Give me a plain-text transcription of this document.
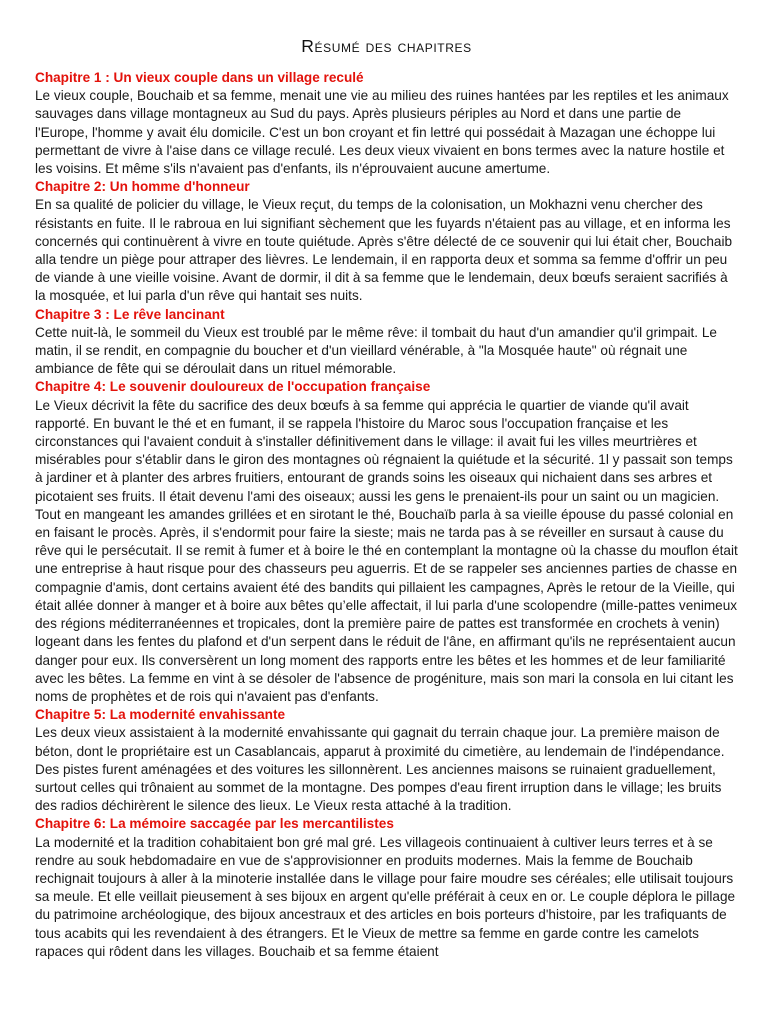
Résumé des chapitres

Chapitre 1 : Un vieux couple dans un village reculé

Le vieux couple, Bouchaib et sa femme, menait une vie au milieu des ruines hantées par les reptiles et les animaux sauvages dans village montagneux au Sud du pays. Après plusieurs périples au Nord et dans une partie de l'Europe, l'homme y avait élu domicile. C'est un bon croyant et fin lettré qui possédait à Mazagan une échoppe lui permettant de vivre à l'aise dans ce village reculé. Les deux vieux vivaient en bons termes avec la nature hostile et les voisins. Et même s'ils n'avaient pas d'enfants, ils n'éprouvaient aucune amertume.

Chapitre 2: Un homme d'honneur

En sa qualité de policier du village, le Vieux reçut, du temps de la colonisation, un Mokhazni venu chercher des résistants en fuite. Il le rabroua en lui signifiant sèchement que les fuyards n'étaient pas au village, et en informa les concernés qui continuèrent à vivre en toute quiétude. Après s'être délecté de ce souvenir qui lui était cher, Bouchaib alla tendre un piège pour attraper des lièvres. Le lendemain, il en rapporta deux et somma sa femme d'offrir un peu de viande à une vieille voisine. Avant de dormir, il dit à sa femme que le lendemain, deux bœufs seraient sacrifiés à la mosquée, et lui parla d'un rêve qui hantait ses nuits.

Chapitre 3 : Le rêve lancinant

Cette nuit-là, le sommeil du Vieux est troublé par le même rêve: il tombait du haut d'un amandier qu'il grimpait. Le matin, il se rendit, en compagnie du boucher et d'un vieillard vénérable, à "la Mosquée haute" où régnait une ambiance de fête qui se déroulait dans un rituel mémorable.

Chapitre 4: Le souvenir douloureux de l'occupation française

Le Vieux décrivit la fête du sacrifice des deux bœufs à sa femme qui apprécia le quartier de viande qu'il avait rapporté. En buvant le thé et en fumant, il se rappela l'histoire du Maroc sous l'occupation française et les circonstances qui l'avaient conduit à s'installer définitivement dans le village: il avait fui les villes meurtrières et misérables pour s'établir dans le giron des montagnes où régnaient la quiétude et la sécurité. 1l y passait son temps à jardiner et à planter des arbres fruitiers, entourant de grands soins les oiseaux qui nichaient dans ses arbres et picotaient ses fruits. Il était devenu l'ami des oiseaux; aussi les gens le prenaient-ils pour un saint ou un magicien. Tout en mangeant les amandes grillées et en sirotant le thé, Bouchaïb parla à sa vieille épouse du passé colonial en en faisant le procès. Après, il s'endormit pour faire la sieste; mais ne tarda pas à se réveiller en sursaut à cause du rêve qui le persécutait. Il se remit à fumer et à boire le thé en contemplant la montagne où la chasse du mouflon était une entreprise à haut risque pour des chasseurs peu aguerris. Et de se rappeler ses anciennes parties de chasse en compagnie d'amis, dont certains avaient été des bandits qui pillaient les campagnes, Après le retour de la Vieille, qui était allée donner à manger et à boire aux bêtes qu’elle affectait, il lui parla d'une scolopendre (mille-pattes venimeux des régions méditerranéennes et tropicales, dont la première paire de pattes est transformée en crochets à venin) logeant dans les fentes du plafond et d'un serpent dans le réduit de l'âne, en affirmant qu'ils ne représentaient aucun danger pour eux. Ils conversèrent un long moment des rapports entre les bêtes et les hommes et de leur familiarité avec les bêtes. La femme en vint à se désoler de l'absence de progéniture, mais son mari la consola en lui citant les noms de prophètes et de rois qui n'avaient pas d'enfants.

Chapitre 5: La modernité envahissante

Les deux vieux assistaient à la modernité envahissante qui gagnait du terrain chaque jour. La première maison de béton, dont le propriétaire est un Casablancais, apparut à proximité du cimetière, au lendemain de l'indépendance. Des pistes furent aménagées et des voitures les sillonnèrent. Les anciennes maisons se ruinaient graduellement, surtout celles qui trônaient au sommet de la montagne. Des pompes d'eau firent irruption dans le village; les bruits des radios déchirèrent le silence des lieux. Le Vieux resta attaché à la tradition.

Chapitre 6: La mémoire saccagée par les mercantilistes

La modernité et la tradition cohabitaient bon gré mal gré. Les villageois continuaient à cultiver leurs terres et à se rendre au souk hebdomadaire en vue de s'approvisionner en produits modernes. Mais la femme de Bouchaib rechignait toujours à aller à la minoterie installée dans le village pour faire moudre ses céréales; elle utilisait toujours sa meule. Et elle veillait pieusement à ses bijoux en argent qu'elle préférait à ceux en or. Le couple déplora le pillage du patrimoine archéologique, des bijoux ancestraux et des articles en bois porteurs d'histoire, par les trafiquants de tous acabits qui les revendaient à des étrangers. Et le Vieux de mettre sa femme en garde contre les camelots rapaces qui rôdent dans les villages. Bouchaib et sa femme étaient
